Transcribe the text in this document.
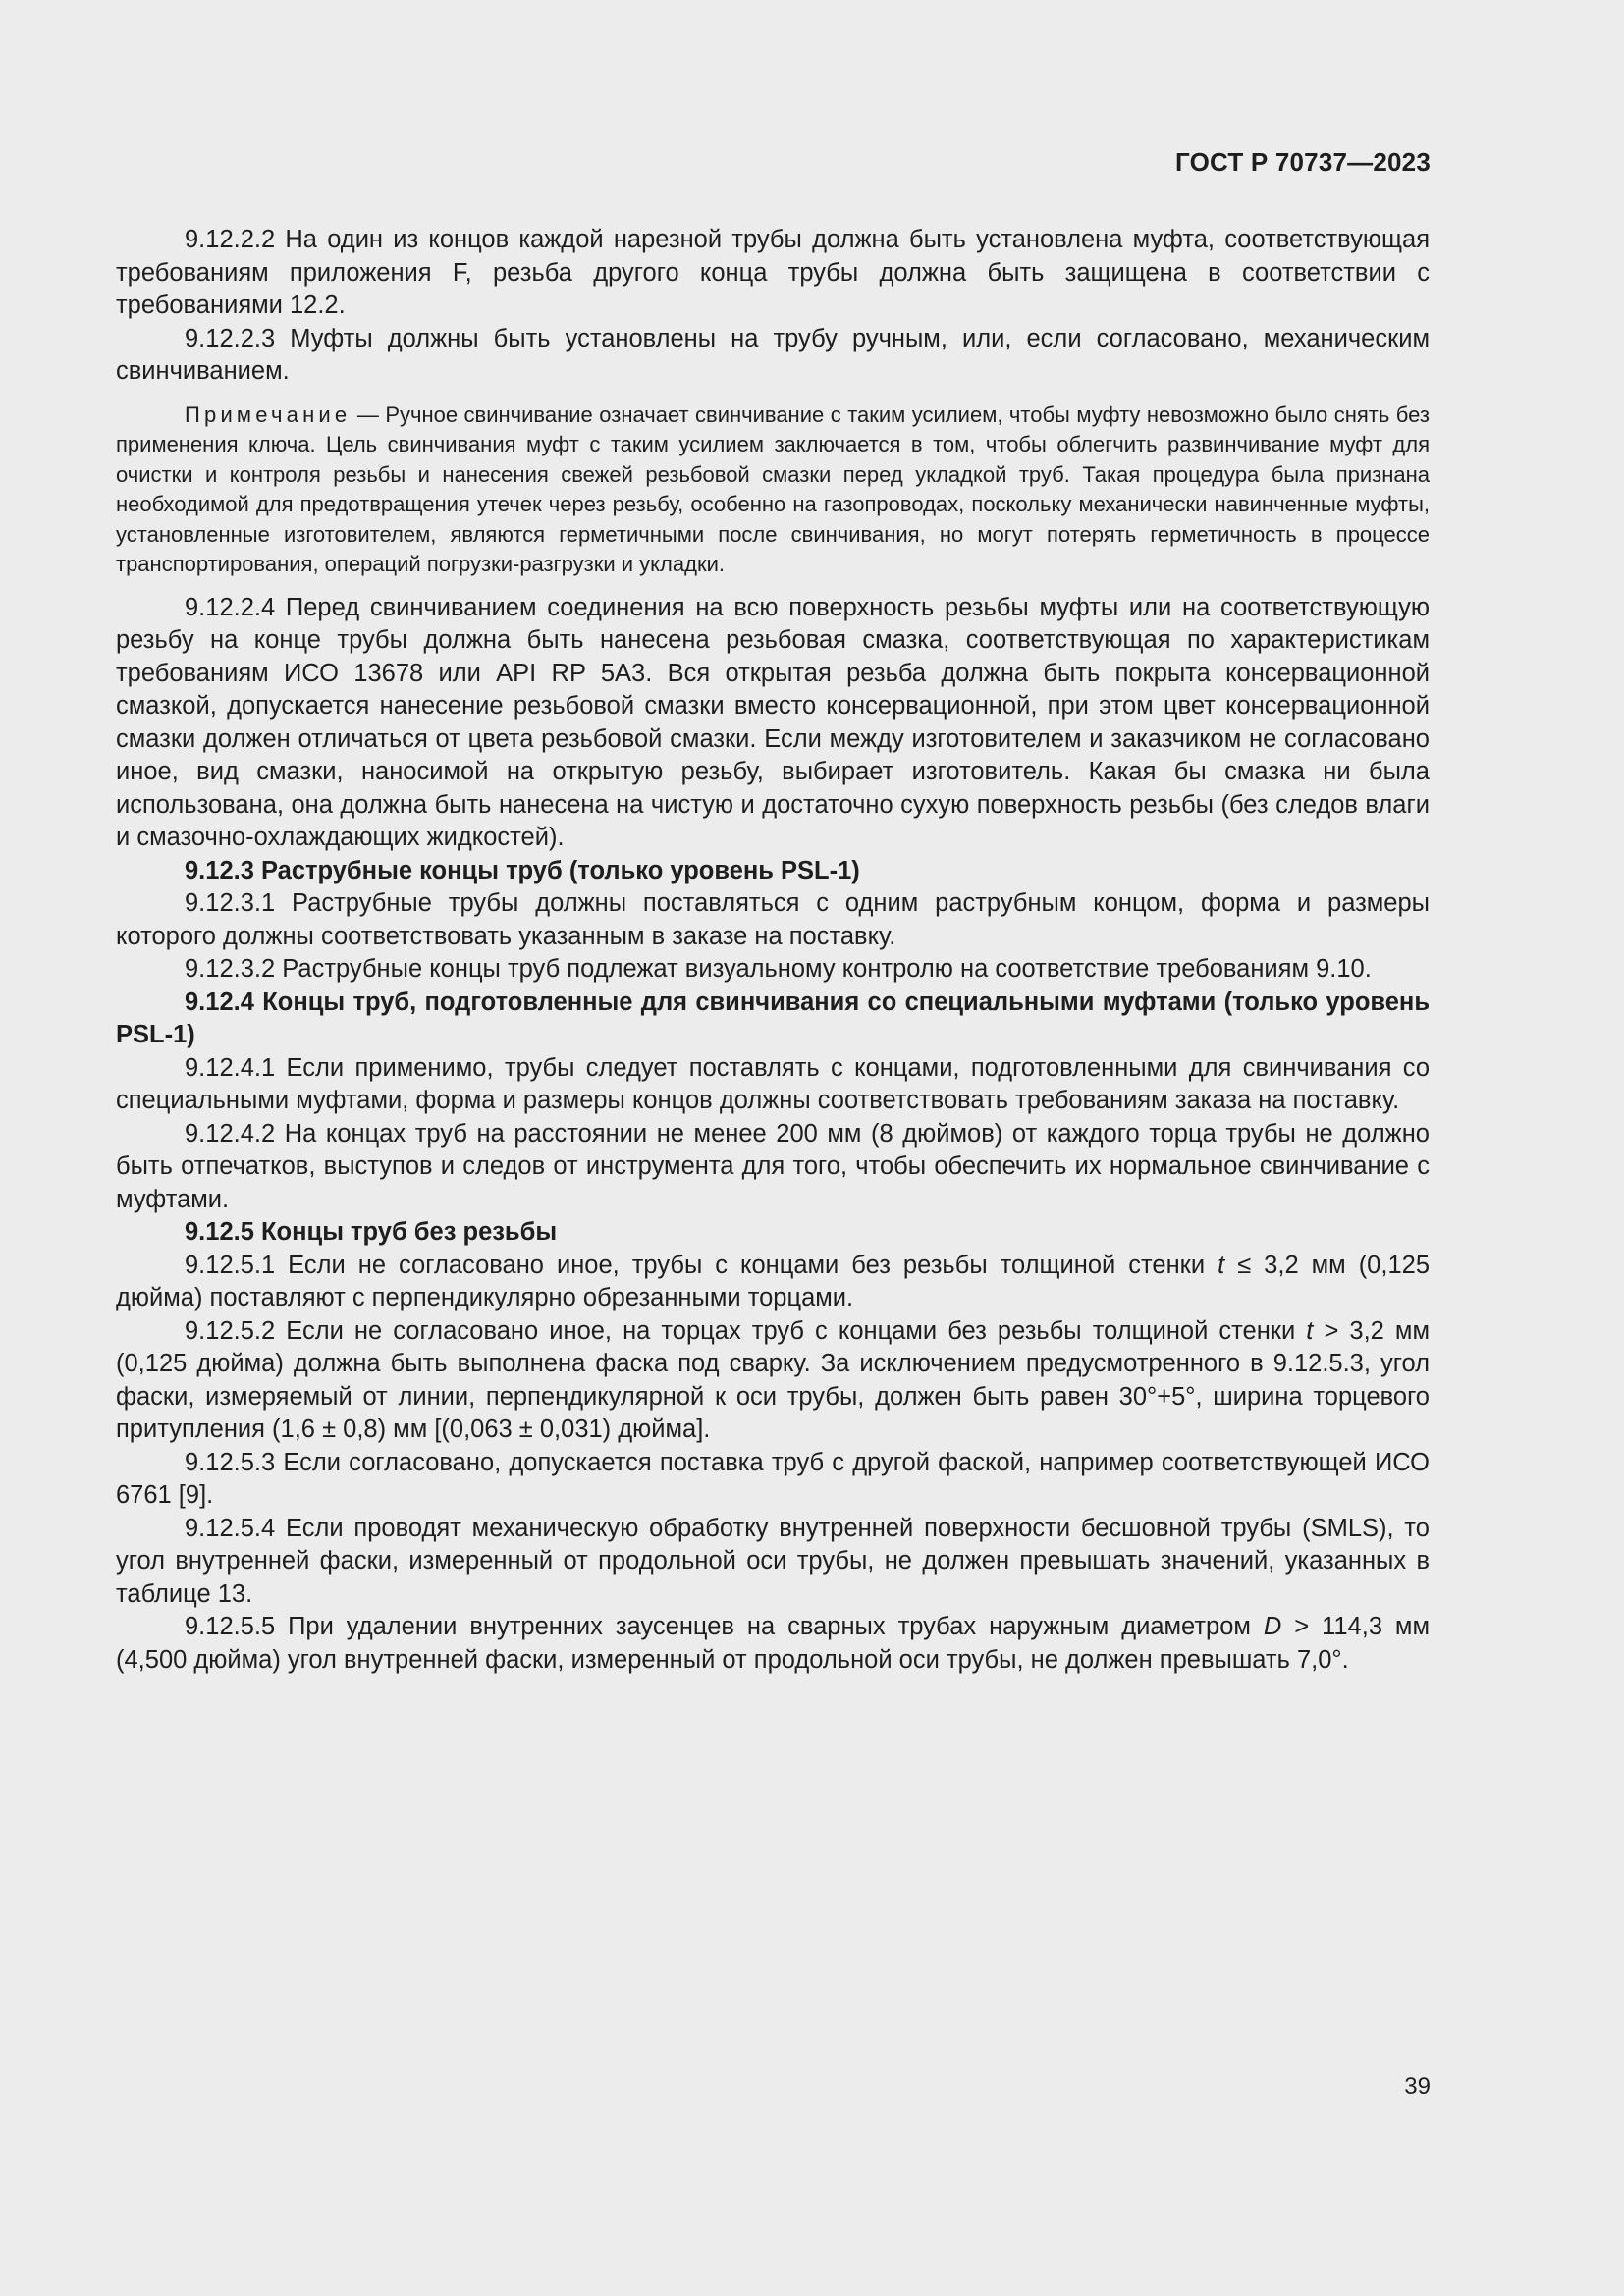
ГОСТ Р 70737—2023

9.12.2.2 На один из концов каждой нарезной трубы должна быть установлена муфта, соответствующая требованиям приложения F, резьба другого конца трубы должна быть защищена в соответствии с требованиями 12.2.

9.12.2.3 Муфты должны быть установлены на трубу ручным, или, если согласовано, механическим свинчиванием.

Примечание — Ручное свинчивание означает свинчивание с таким усилием, чтобы муфту невозможно было снять без применения ключа. Цель свинчивания муфт с таким усилием заключается в том, чтобы облегчить развинчивание муфт для очистки и контроля резьбы и нанесения свежей резьбовой смазки перед укладкой труб. Такая процедура была признана необходимой для предотвращения утечек через резьбу, особенно на газопроводах, поскольку механически навинченные муфты, установленные изготовителем, являются герметичными после свинчивания, но могут потерять герметичность в процессе транспортирования, операций погрузки-разгрузки и укладки.

9.12.2.4 Перед свинчиванием соединения на всю поверхность резьбы муфты или на соответствующую резьбу на конце трубы должна быть нанесена резьбовая смазка, соответствующая по характеристикам требованиям ИСО 13678 или API RP 5A3. Вся открытая резьба должна быть покрыта консервационной смазкой, допускается нанесение резьбовой смазки вместо консервационной, при этом цвет консервационной смазки должен отличаться от цвета резьбовой смазки. Если между изготовителем и заказчиком не согласовано иное, вид смазки, наносимой на открытую резьбу, выбирает изготовитель. Какая бы смазка ни была использована, она должна быть нанесена на чистую и достаточно сухую поверхность резьбы (без следов влаги и смазочно-охлаждающих жидкостей).

9.12.3 Раструбные концы труб (только уровень PSL-1)

9.12.3.1 Раструбные трубы должны поставляться с одним раструбным концом, форма и размеры которого должны соответствовать указанным в заказе на поставку.

9.12.3.2 Раструбные концы труб подлежат визуальному контролю на соответствие требованиям 9.10.

9.12.4 Концы труб, подготовленные для свинчивания со специальными муфтами (только уровень PSL-1)

9.12.4.1 Если применимо, трубы следует поставлять с концами, подготовленными для свинчивания со специальными муфтами, форма и размеры концов должны соответствовать требованиям заказа на поставку.

9.12.4.2 На концах труб на расстоянии не менее 200 мм (8 дюймов) от каждого торца трубы не должно быть отпечатков, выступов и следов от инструмента для того, чтобы обеспечить их нормальное свинчивание с муфтами.

9.12.5 Концы труб без резьбы

9.12.5.1 Если не согласовано иное, трубы с концами без резьбы толщиной стенки t ≤ 3,2 мм (0,125 дюйма) поставляют с перпендикулярно обрезанными торцами.

9.12.5.2 Если не согласовано иное, на торцах труб с концами без резьбы толщиной стенки t > 3,2 мм (0,125 дюйма) должна быть выполнена фаска под сварку. За исключением предусмотренного в 9.12.5.3, угол фаски, измеряемый от линии, перпендикулярной к оси трубы, должен быть равен 30°+5°, ширина торцевого притупления (1,6 ± 0,8) мм [(0,063 ± 0,031) дюйма].

9.12.5.3 Если согласовано, допускается поставка труб с другой фаской, например соответствующей ИСО 6761 [9].

9.12.5.4 Если проводят механическую обработку внутренней поверхности бесшовной трубы (SMLS), то угол внутренней фаски, измеренный от продольной оси трубы, не должен превышать значений, указанных в таблице 13.

9.12.5.5 При удалении внутренних заусенцев на сварных трубах наружным диаметром D > 114,3 мм (4,500 дюйма) угол внутренней фаски, измеренный от продольной оси трубы, не должен превышать 7,0°.

39
